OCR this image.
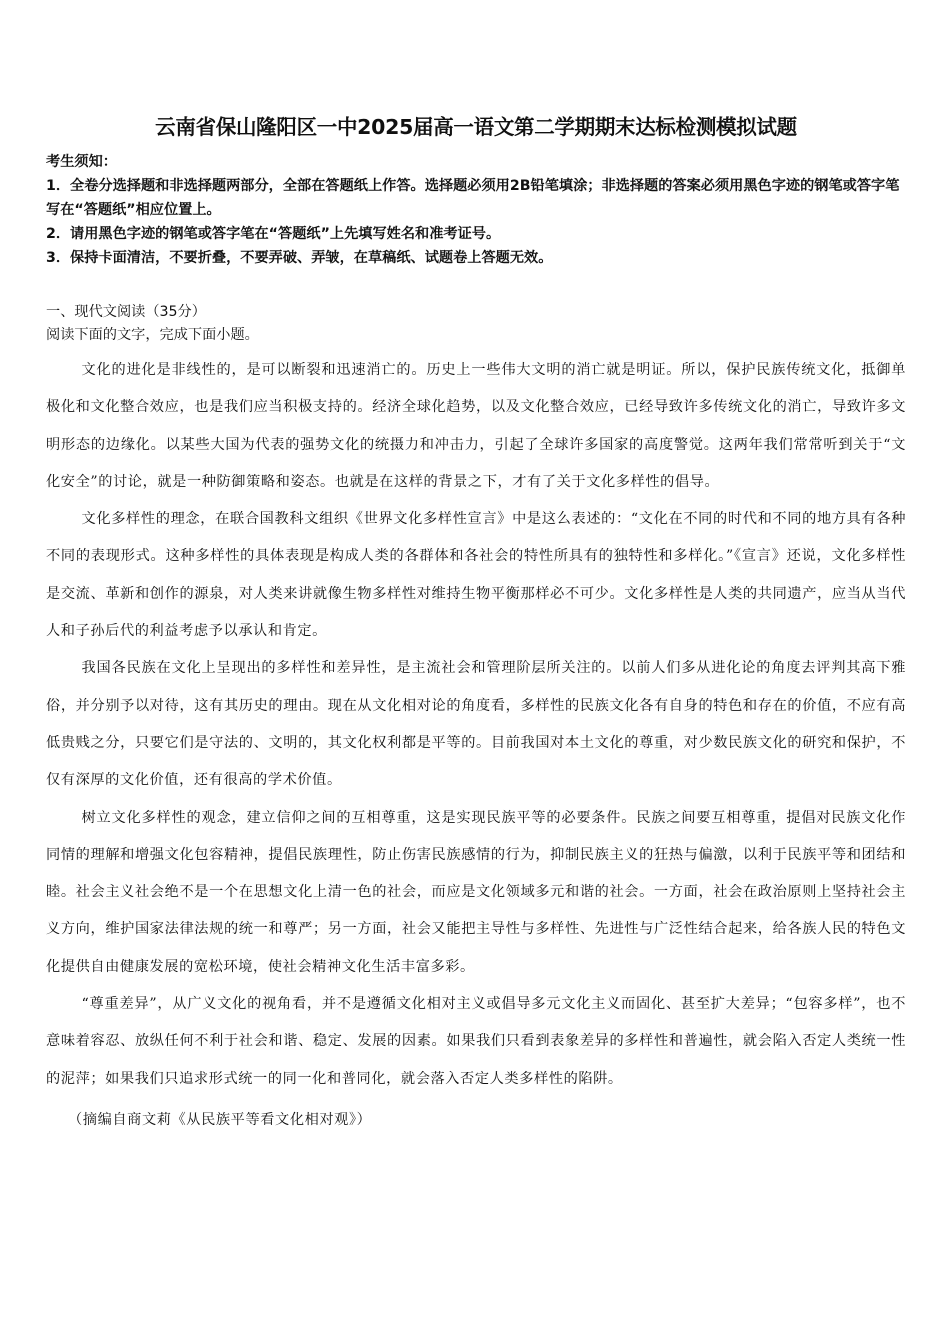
云南省保山隆阳区一中2025届高一语文第二学期期末达标检测模拟试题

考生须知：

1．全卷分选择题和非选择题两部分，全部在答题纸上作答。选择题必须用2B铅笔填涂；非选择题的答案必须用黑色字迹的钢笔或答字笔写在“答题纸”相应位置上。

2．请用黑色字迹的钢笔或答字笔在“答题纸”上先填写姓名和准考证号。

3．保持卡面清洁，不要折叠，不要弄破、弄皱，在草稿纸、试题卷上答题无效。

一、现代文阅读（35分）

阅读下面的文字，完成下面小题。

文化的进化是非线性的，是可以断裂和迅速消亡的。历史上一些伟大文明的消亡就是明证。所以，保护民族传统文化，抵御单极化和文化整合效应，也是我们应当积极支持的。经济全球化趋势，以及文化整合效应，已经导致许多传统文化的消亡，导致许多文明形态的边缘化。以某些大国为代表的强势文化的统摄力和冲击力，引起了全球许多国家的高度警觉。这两年我们常常听到关于“文化安全”的讨论，就是一种防御策略和姿态。也就是在这样的背景之下，才有了关于文化多样性的倡导。

文化多样性的理念，在联合国教科文组织《世界文化多样性宣言》中是这么表述的：“文化在不同的时代和不同的地方具有各种不同的表现形式。这种多样性的具体表现是构成人类的各群体和各社会的特性所具有的独特性和多样化。”《宣言》还说，文化多样性是交流、革新和创作的源泉，对人类来讲就像生物多样性对维持生物平衡那样必不可少。文化多样性是人类的共同遗产，应当从当代人和子孙后代的利益考虑予以承认和肯定。

我国各民族在文化上呈现出的多样性和差异性，是主流社会和管理阶层所关注的。以前人们多从进化论的角度去评判其高下雅俗，并分别予以对待，这有其历史的理由。现在从文化相对论的角度看，多样性的民族文化各有自身的特色和存在的价值，不应有高低贵贱之分，只要它们是守法的、文明的，其文化权利都是平等的。目前我国对本土文化的尊重，对少数民族文化的研究和保护，不仅有深厚的文化价值，还有很高的学术价值。

树立文化多样性的观念，建立信仰之间的互相尊重，这是实现民族平等的必要条件。民族之间要互相尊重，提倡对民族文化作同情的理解和增强文化包容精神，提倡民族理性，防止伤害民族感情的行为，抑制民族主义的狂热与偏激，以利于民族平等和团结和睦。社会主义社会绝不是一个在思想文化上清一色的社会，而应是文化领域多元和谐的社会。一方面，社会在政治原则上坚持社会主义方向，维护国家法律法规的统一和尊严；另一方面，社会又能把主导性与多样性、先进性与广泛性结合起来，给各族人民的特色文化提供自由健康发展的宽松环境，使社会精神文化生活丰富多彩。

“尊重差异”，从广义文化的视角看，并不是遵循文化相对主义或倡导多元文化主义而固化、甚至扩大差异；“包容多样”，也不意味着容忍、放纵任何不利于社会和谐、稳定、发展的因素。如果我们只看到表象差异的多样性和普遍性，就会陷入否定人类统一性的泥萍；如果我们只追求形式统一的同一化和普同化，就会落入否定人类多样性的陷阱。

（摘编自商文莉《从民族平等看文化相对观》）
